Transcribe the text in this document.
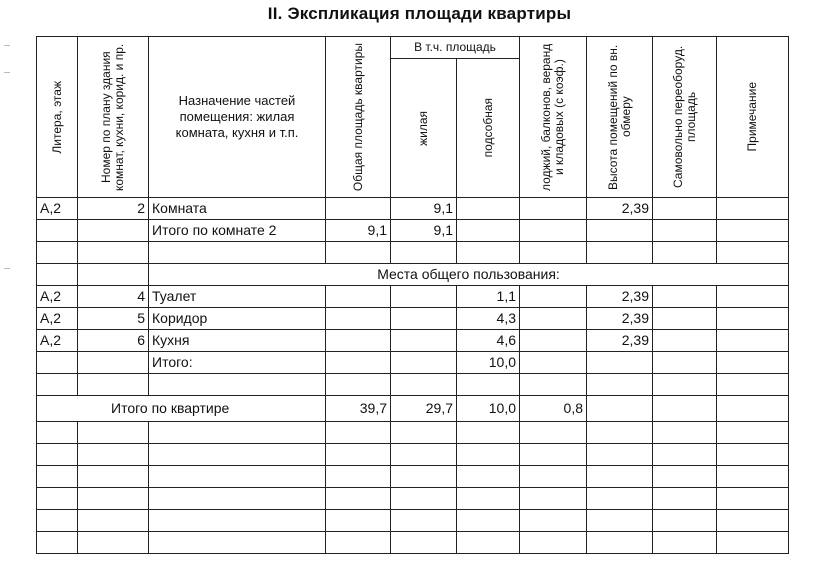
II. Экспликация площади квартиры
Литера, этаж	Номер по плану здания комнат, кухни, корид. и пр.	Назначение частей помещения: жилая комната, кухня и т.п.	Общая площадь квартиры	В т.ч. площадь		лоджий, балконов, веранд и кладовых (с коэф.)	Высота помещений по вн. обмеру	Самовольно переоборуд. площадь	Примечание

				жилая	подсобная				

А,2	2	Комната		9,1			2,39		
		Итого по комнате 2	9,1	9,1					

		Места общего пользования:							
А,2	4	Туалет			1,1		2,39		
А,2	5	Коридор			4,3		2,39		
А,2	6	Кухня			4,6		2,39		
		Итого:			10,0				

Итого по квартире			39,7	29,7	10,0	0,8			
